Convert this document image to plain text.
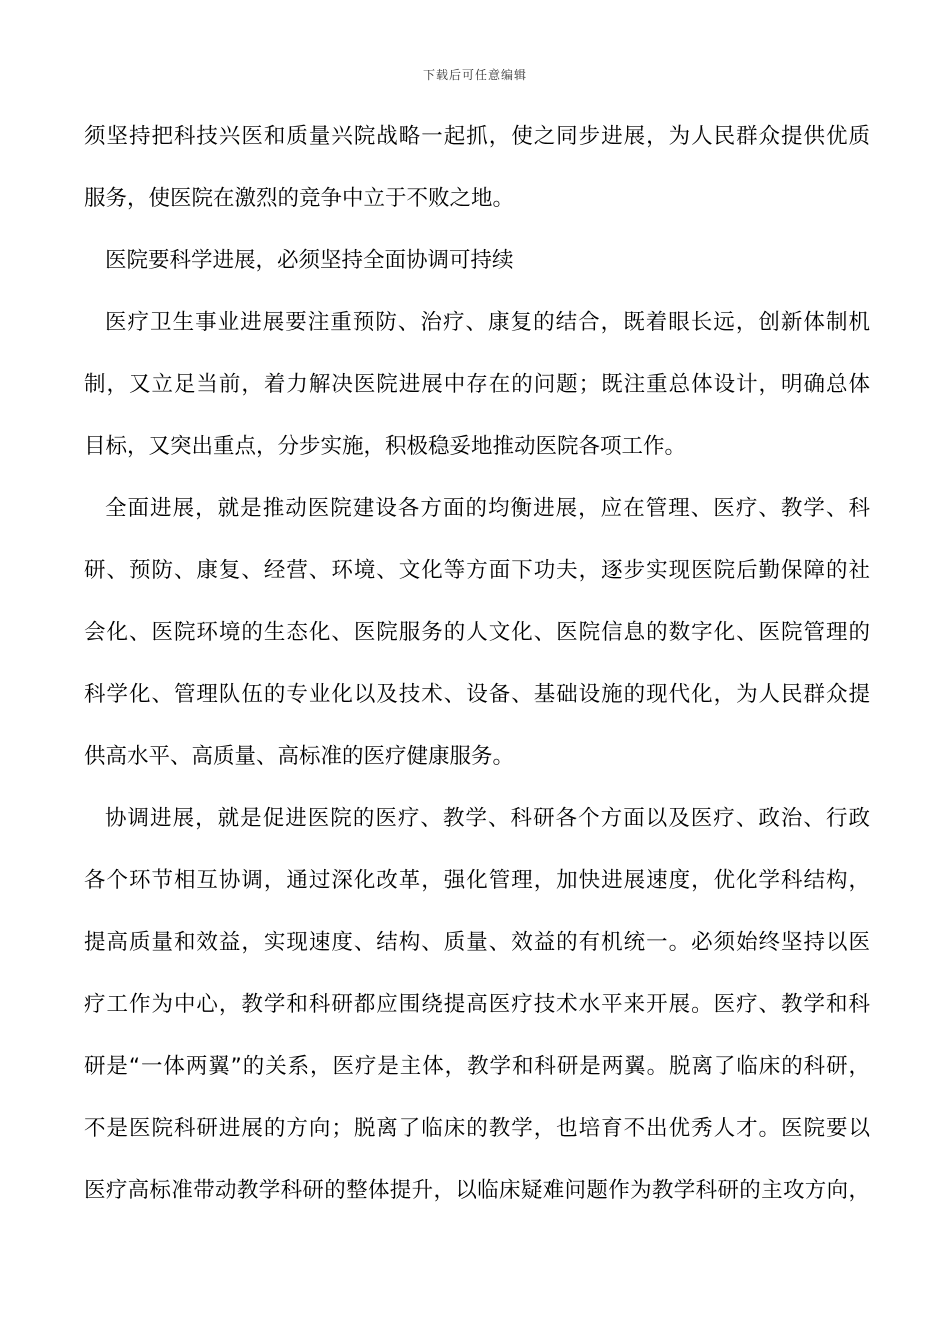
下载后可任意编辑
须坚持把科技兴医和质量兴院战略一起抓，使之同步进展，为人民群众提供优质
服务，使医院在激烈的竞争中立于不败之地。
医院要科学进展，必须坚持全面协调可持续
医疗卫生事业进展要注重预防、治疗、康复的结合，既着眼长远，创新体制机
制，又立足当前，着力解决医院进展中存在的问题；既注重总体设计，明确总体
目标，又突出重点，分步实施，积极稳妥地推动医院各项工作。
全面进展，就是推动医院建设各方面的均衡进展，应在管理、医疗、教学、科
研、预防、康复、经营、环境、文化等方面下功夫，逐步实现医院后勤保障的社
会化、医院环境的生态化、医院服务的人文化、医院信息的数字化、医院管理的
科学化、管理队伍的专业化以及技术、设备、基础设施的现代化，为人民群众提
供高水平、高质量、高标准的医疗健康服务。
协调进展，就是促进医院的医疗、教学、科研各个方面以及医疗、政治、行政
各个环节相互协调，通过深化改革，强化管理，加快进展速度，优化学科结构，
提高质量和效益，实现速度、结构、质量、效益的有机统一。必须始终坚持以医
疗工作为中心，教学和科研都应围绕提高医疗技术水平来开展。医疗、教学和科
研是“一体两翼”的关系，医疗是主体，教学和科研是两翼。脱离了临床的科研，
不是医院科研进展的方向；脱离了临床的教学，也培育不出优秀人才。医院要以
医疗高标准带动教学科研的整体提升，以临床疑难问题作为教学科研的主攻方向，
